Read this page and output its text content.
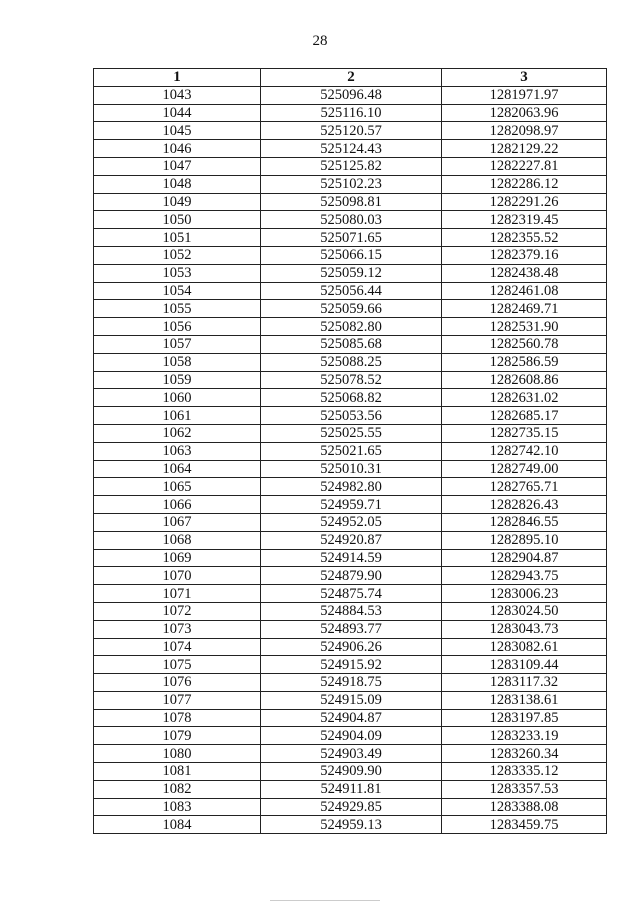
28
1	2	3
1043	525096.48	1281971.97
1044	525116.10	1282063.96
1045	525120.57	1282098.97
1046	525124.43	1282129.22
1047	525125.82	1282227.81
1048	525102.23	1282286.12
1049	525098.81	1282291.26
1050	525080.03	1282319.45
1051	525071.65	1282355.52
1052	525066.15	1282379.16
1053	525059.12	1282438.48
1054	525056.44	1282461.08
1055	525059.66	1282469.71
1056	525082.80	1282531.90
1057	525085.68	1282560.78
1058	525088.25	1282586.59
1059	525078.52	1282608.86
1060	525068.82	1282631.02
1061	525053.56	1282685.17
1062	525025.55	1282735.15
1063	525021.65	1282742.10
1064	525010.31	1282749.00
1065	524982.80	1282765.71
1066	524959.71	1282826.43
1067	524952.05	1282846.55
1068	524920.87	1282895.10
1069	524914.59	1282904.87
1070	524879.90	1282943.75
1071	524875.74	1283006.23
1072	524884.53	1283024.50
1073	524893.77	1283043.73
1074	524906.26	1283082.61
1075	524915.92	1283109.44
1076	524918.75	1283117.32
1077	524915.09	1283138.61
1078	524904.87	1283197.85
1079	524904.09	1283233.19
1080	524903.49	1283260.34
1081	524909.90	1283335.12
1082	524911.81	1283357.53
1083	524929.85	1283388.08
1084	524959.13	1283459.75
